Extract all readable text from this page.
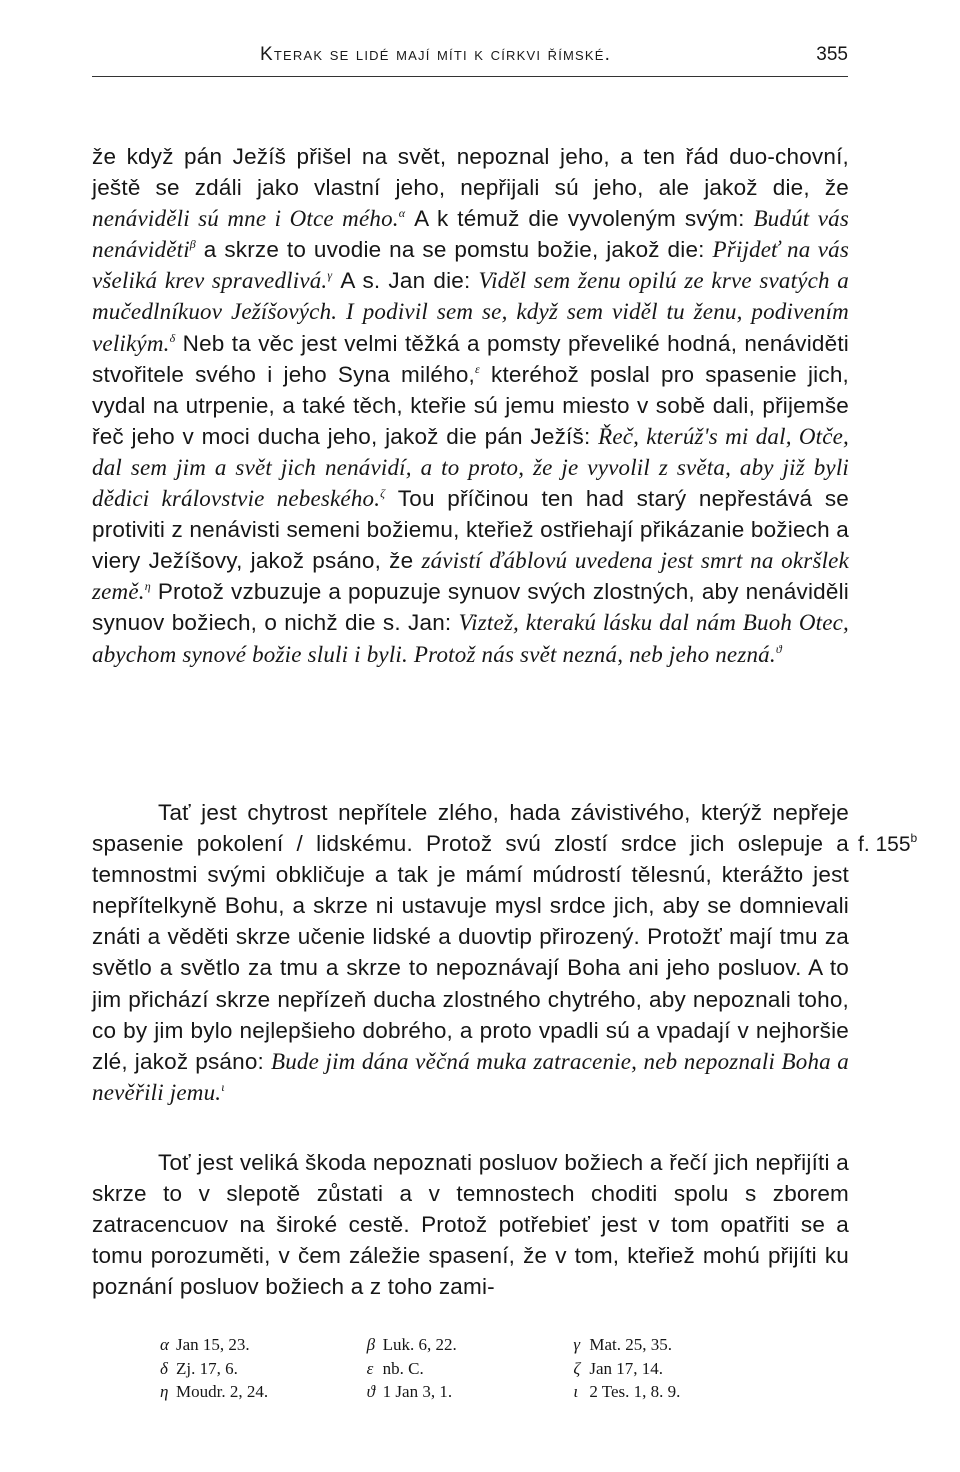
Kterak se lidé mají míti k církvi římské.	355

že když pán Ježíš přišel na svět, nepoznal jeho, a ten řád duo-chovní, ještě se zdáli jako vlastní jeho, nepřijali sú jeho, ale jakož die, že nenáviděli sú mne i Otce mého.$^\alpha$ A k témuž die vyvoleným svým: Budút vás nenáviděti$^\beta$ a skrze to uvodie na se pomstu božie, jakož die: Přijdeť na vás všeliká krev spravedlivá.$^\gamma$ A s. Jan die: Viděl sem ženu opilú ze krve svatých a mučedlníkuov Ježíšových. I podivil sem se, když sem viděl tu ženu, podivením velikým.$^\delta$ Neb ta věc jest velmi těžká a pomsty převeliké hodná, nenáviděti stvořitele svého i jeho Syna milého,$^\varepsilon$ kteréhož poslal pro spasenie jich, vydal na utrpenie, a také těch, kteřie sú jemu miesto v sobě dali, přijemše řeč jeho v moci ducha jeho, jakož die pán Ježíš: Řeč, kterúž's mi dal, Otče, dal sem jim a svět jich nenávidí, a to proto, že je vyvolil z světa, aby již byli dědici královstvie nebeského.$^\zeta$ Tou příčinou ten had starý nepřestává se protiviti z nenávisti semeni božiemu, kteřiež ostřiehají přikázanie božiech a viery Ježíšovy, jakož psáno, že závistí ďáblovú uvedena jest smrt na okršlek země.$^\eta$ Protož vzbuzuje a popuzuje synuov svých zlostných, aby nenáviděli synuov božiech, o nichž die s. Jan: Viztež, kterakú lásku dal nám Buoh Otec, abychom synové božie sluli i byli. Protož nás svět nezná, neb jeho nezná.$^ϑ$

Tať jest chytrost nepřítele zlého, hada závistivého, kterýž nepřeje spasenie pokolení / lidskému. Protož svú zlostí srdce jich oslepuje a temnostmi svými obkličuje a tak je mámí múdrostí tělesnú, kterážto jest nepřítelkyně Bohu, a skrze ni ustavuje mysl srdce jich, aby se domnievali znáti a věděti skrze učenie lidské a duovtip přirozený. Protožť mají tmu za světlo a světlo za tmu a skrze to nepoznávají Boha ani jeho posluov. A to jim přichází skrze nepřízeň ducha zlostného chytrého, aby nepoznali toho, co by jim bylo nejlepšieho dobrého, a proto vpadli sú a vpadají v nejhoršie zlé, jakož psáno: Bude jim dána věčná muka zatracenie, neb nepoznali Boha a nevěřili jemu.$^\iota$

Toť jest veliká škoda nepoznati posluov božiech a řečí jich nepřijíti a skrze to v slepotě zůstati a v temnostech choditi spolu s zborem zatracencuov na široké cestě. Protož potřebieť jest v tom opatřiti se a tomu porozuměti, v čem záležie spasení, že v tom, kteřiež mohú přijíti ku poznání posluov božiech a z toho zami-

f. 155$^b$
α Jan 15, 23.	β Luk. 6, 22.	γ Mat. 25, 35.
δ Zj. 17, 6.	ε nb. C.	ζ Jan 17, 14.
η Moudr. 2, 24.	ϑ 1 Jan 3, 1.	ι 2 Tes. 1, 8. 9.
